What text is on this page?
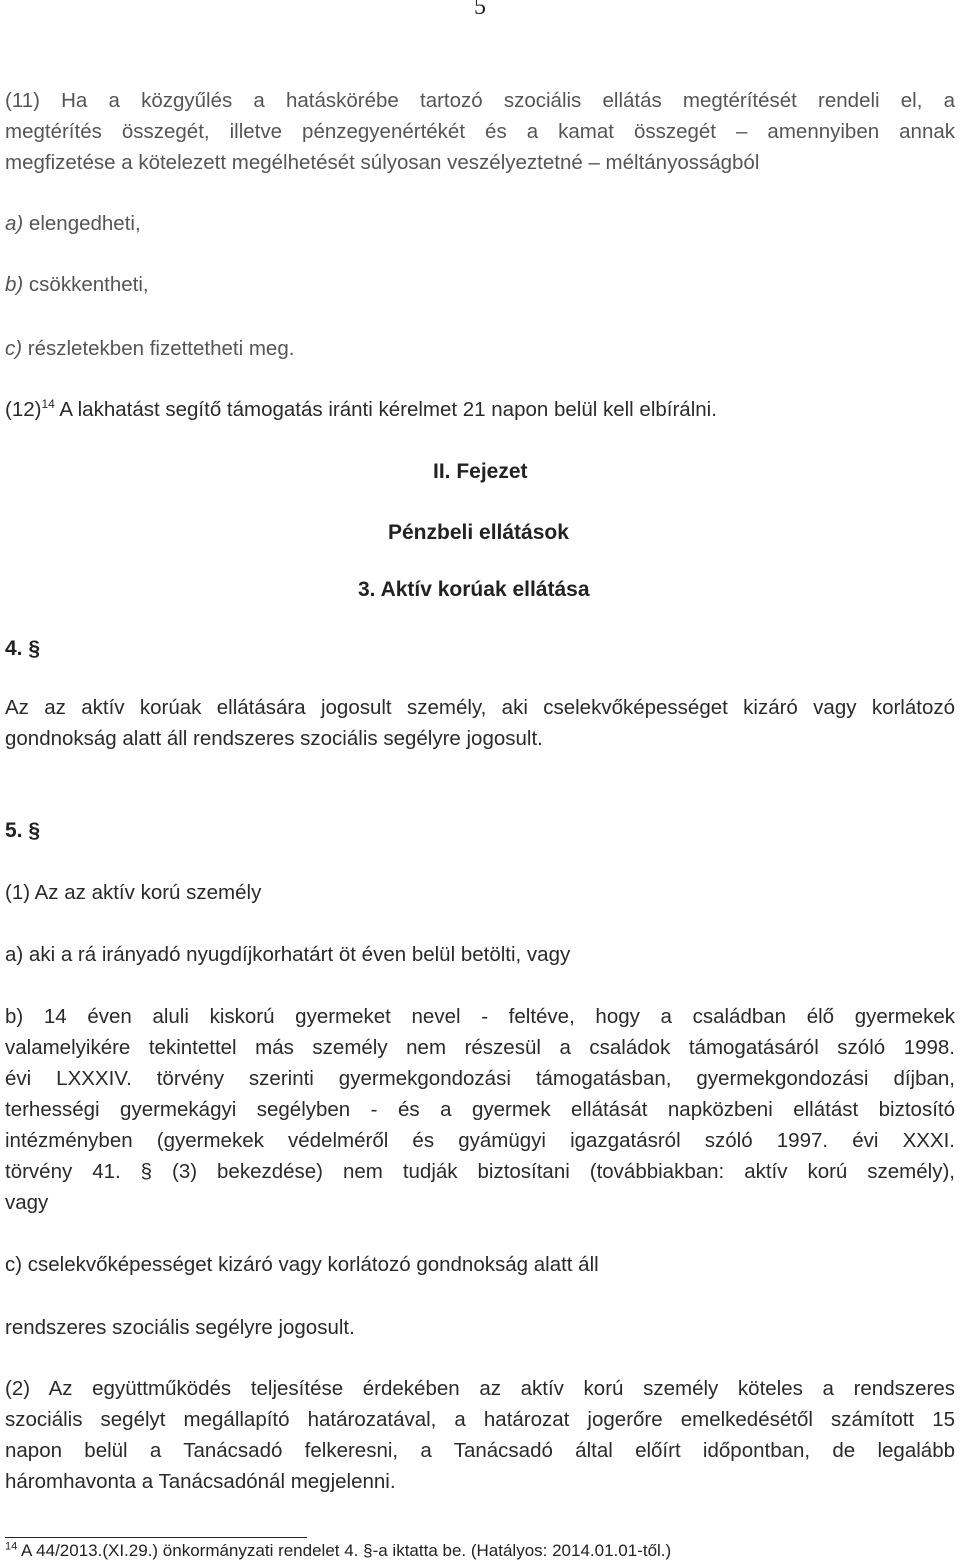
5
(11) Ha a közgyűlés a hatáskörébe tartozó szociális ellátás megtérítését rendeli el, a
megtérítés összegét, illetve pénzegyenértékét és a kamat összegét – amennyiben annak
megfizetése a kötelezett megélhetését súlyosan veszélyeztetné – méltányosságból
a) elengedheti,
b) csökkentheti,
c) részletekben fizettetheti meg.
$(12)^{14}$ A lakhatást segítő támogatás iránti kérelmet 21 napon belül kell elbírálni.
II. Fejezet
Pénzbeli ellátások
3. Aktív korúak ellátása
4. §
Az az aktív korúak ellátására jogosult személy, aki cselekvőképességet kizáró vagy korlátozó
gondnokság alatt áll rendszeres szociális segélyre jogosult.
5. §
(1) Az az aktív korú személy
a) aki a rá irányadó nyugdíjkorhatárt öt éven belül betölti, vagy
b) 14 éven aluli kiskorú gyermeket nevel - feltéve, hogy a családban élő gyermekek
valamelyikére tekintettel más személy nem részesül a családok támogatásáról szóló 1998.
évi LXXXIV. törvény szerinti gyermekgondozási támogatásban, gyermekgondozási díjban,
terhességi gyermekágyi segélyben - és a gyermek ellátását napközbeni ellátást biztosító
intézményben (gyermekek védelméről és gyámügyi igazgatásról szóló 1997. évi XXXI.
törvény 41. § (3) bekezdése) nem tudják biztosítani (továbbiakban: aktív korú személy),
vagy
c) cselekvőképességet kizáró vagy korlátozó gondnokság alatt áll
rendszeres szociális segélyre jogosult.
(2) Az együttműködés teljesítése érdekében az aktív korú személy köteles a rendszeres
szociális segélyt megállapító határozatával, a határozat jogerőre emelkedésétől számított 15
napon belül a Tanácsadó felkeresni, a Tanácsadó által előírt időpontban, de legalább
háromhavonta a Tanácsadónál megjelenni.
$^{14}$ A 44/2013.(XI.29.) önkormányzati rendelet 4. §-a iktatta be. (Hatályos: 2014.01.01-től.)
